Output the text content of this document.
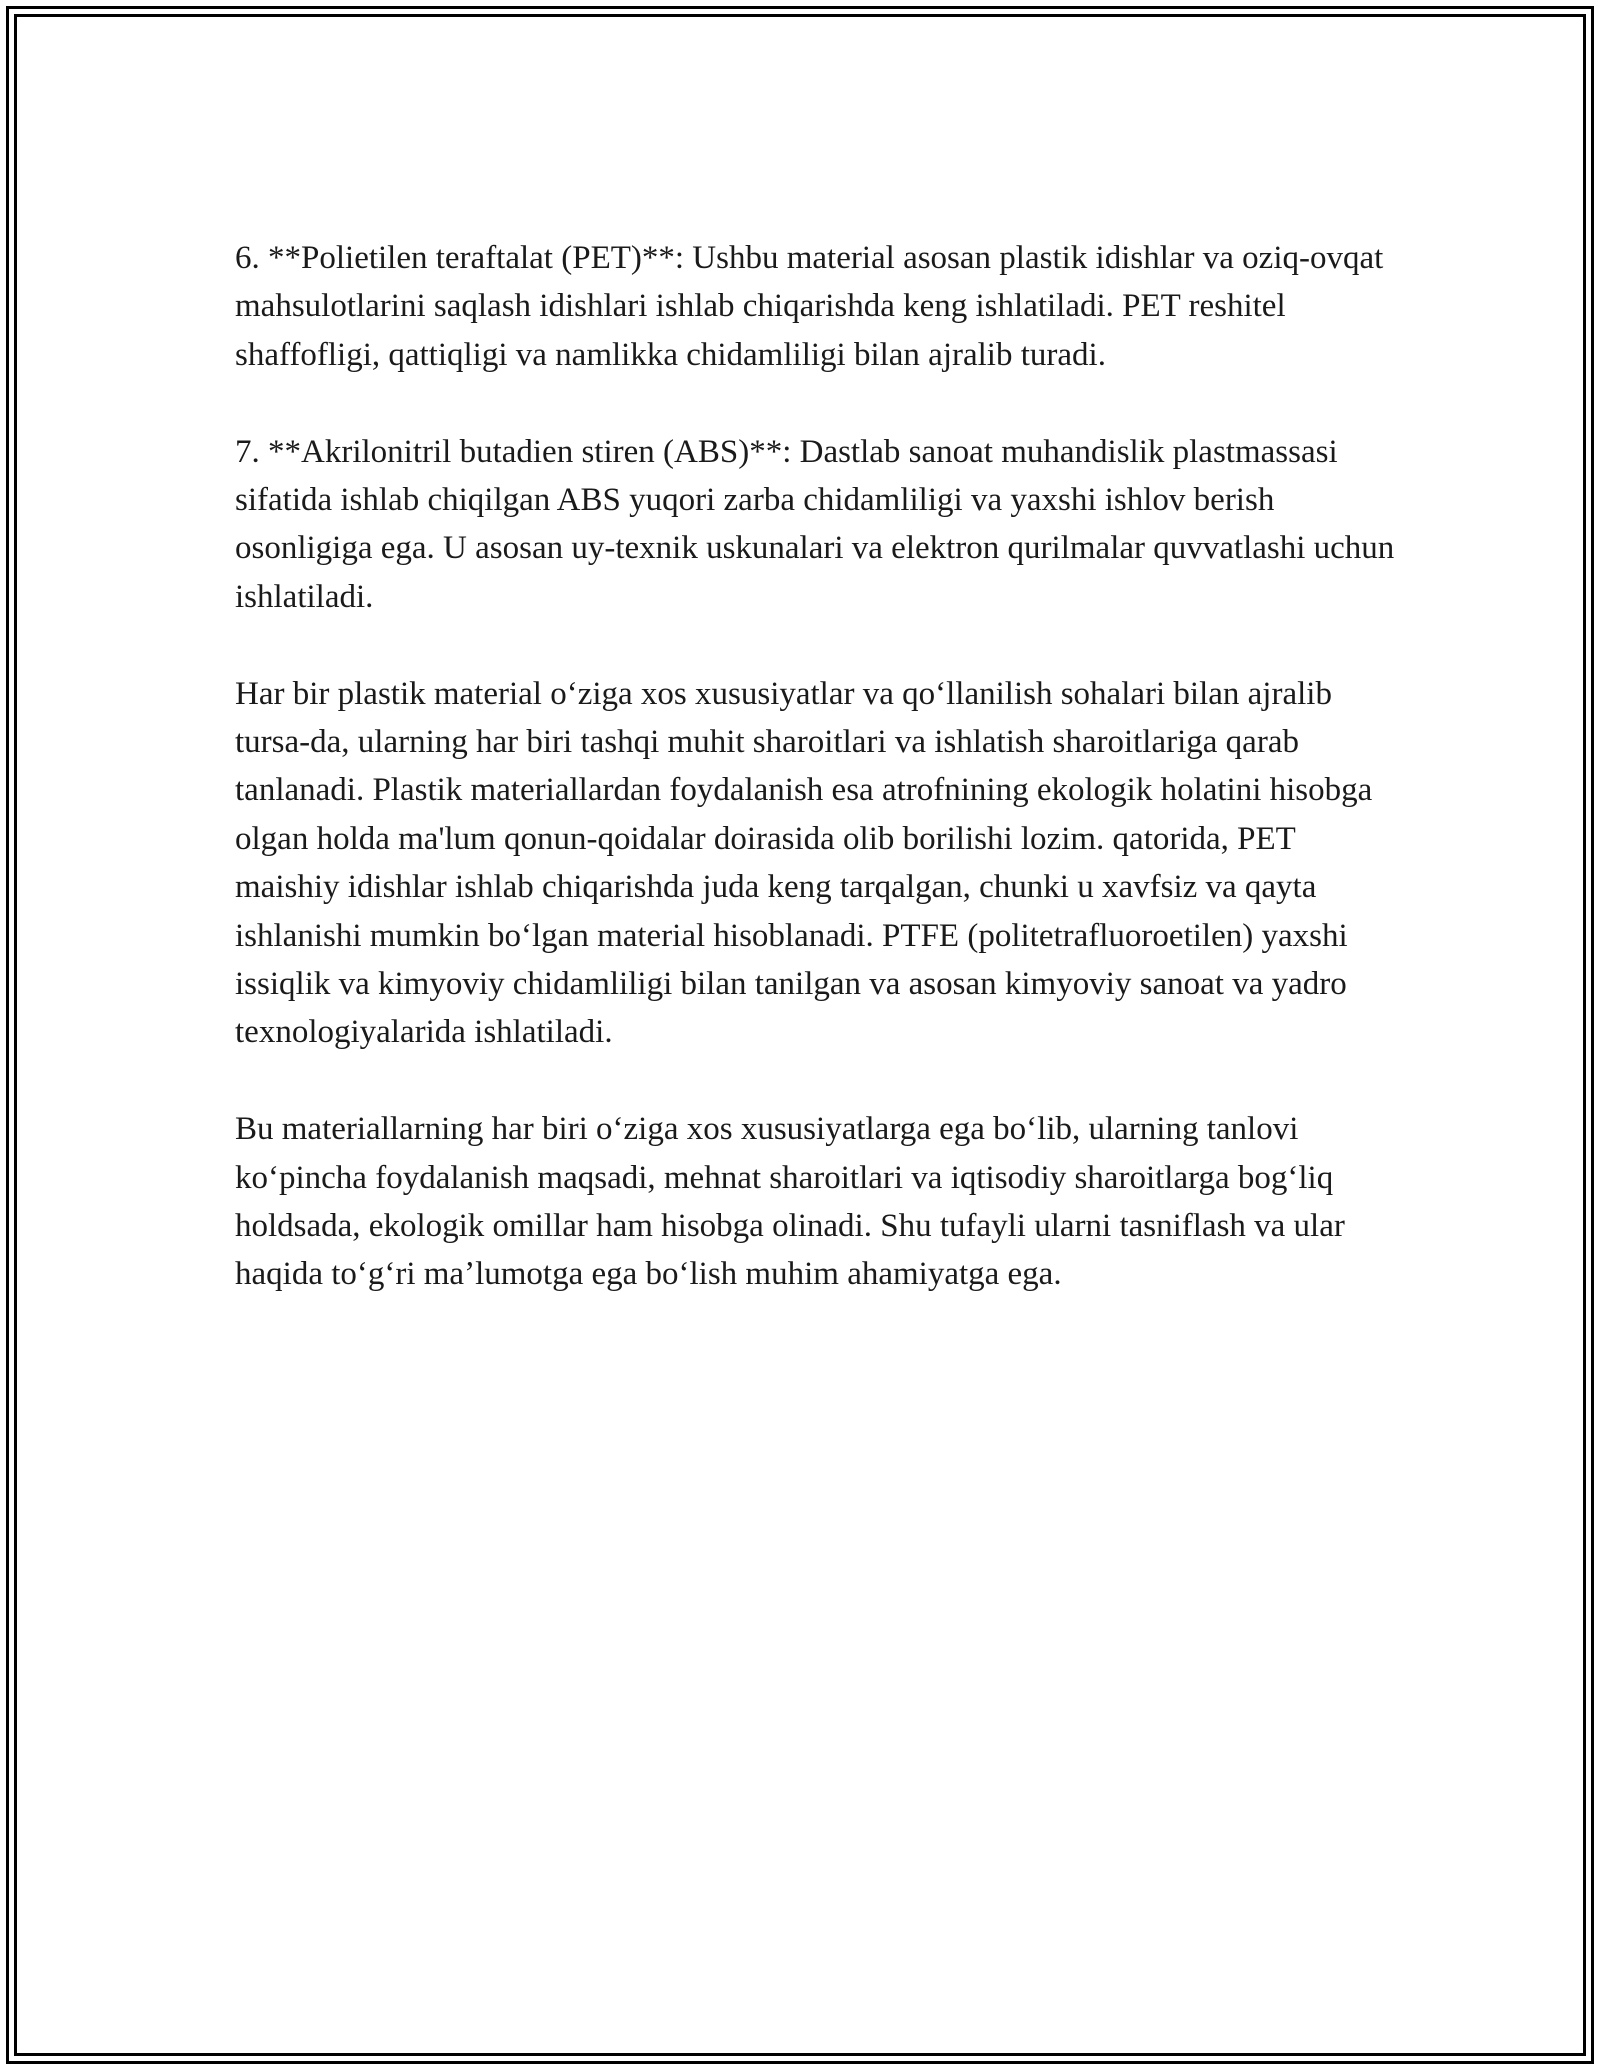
6. **Polietilen teraftalat (PET)**: Ushbu material asosan plastik idishlar va oziq-ovqat mahsulotlarini saqlash idishlari ishlab chiqarishda keng ishlatiladi. PET reshitel shaffofligi, qattiqligi va namlikka chidamliligi bilan ajralib turadi.

7. **Akrilonitril butadien stiren (ABS)**: Dastlab sanoat muhandislik plastmassasi sifatida ishlab chiqilgan ABS yuqori zarba chidamliligi va yaxshi ishlov berish osonligiga ega. U asosan uy-texnik uskunalari va elektron qurilmalar quvvatlashi uchun ishlatiladi.

Har bir plastik material oʻziga xos xususiyatlar va qoʻllanilish sohalari bilan ajralib tursa-da, ularning har biri tashqi muhit sharoitlari va ishlatish sharoitlariga qarab tanlanadi. Plastik materiallardan foydalanish esa atrofnining ekologik holatini hisobga olgan holda ma'lum qonun-qoidalar doirasida olib borilishi lozim. qatorida, PET maishiy idishlar ishlab chiqarishda juda keng tarqalgan, chunki u xavfsiz va qayta ishlanishi mumkin boʻlgan material hisoblanadi. PTFE (politetrafluoroetilen) yaxshi issiqlik va kimyoviy chidamliligi bilan tanilgan va asosan kimyoviy sanoat va yadro texnologiyalarida ishlatiladi.

Bu materiallarning har biri oʻziga xos xususiyatlarga ega boʻlib, ularning tanlovi koʻpincha foydalanish maqsadi, mehnat sharoitlari va iqtisodiy sharoitlarga bogʻliq holdsada, ekologik omillar ham hisobga olinadi. Shu tufayli ularni tasniflash va ular haqida toʻgʻri maʼlumotga ega boʻlish muhim ahamiyatga ega.
